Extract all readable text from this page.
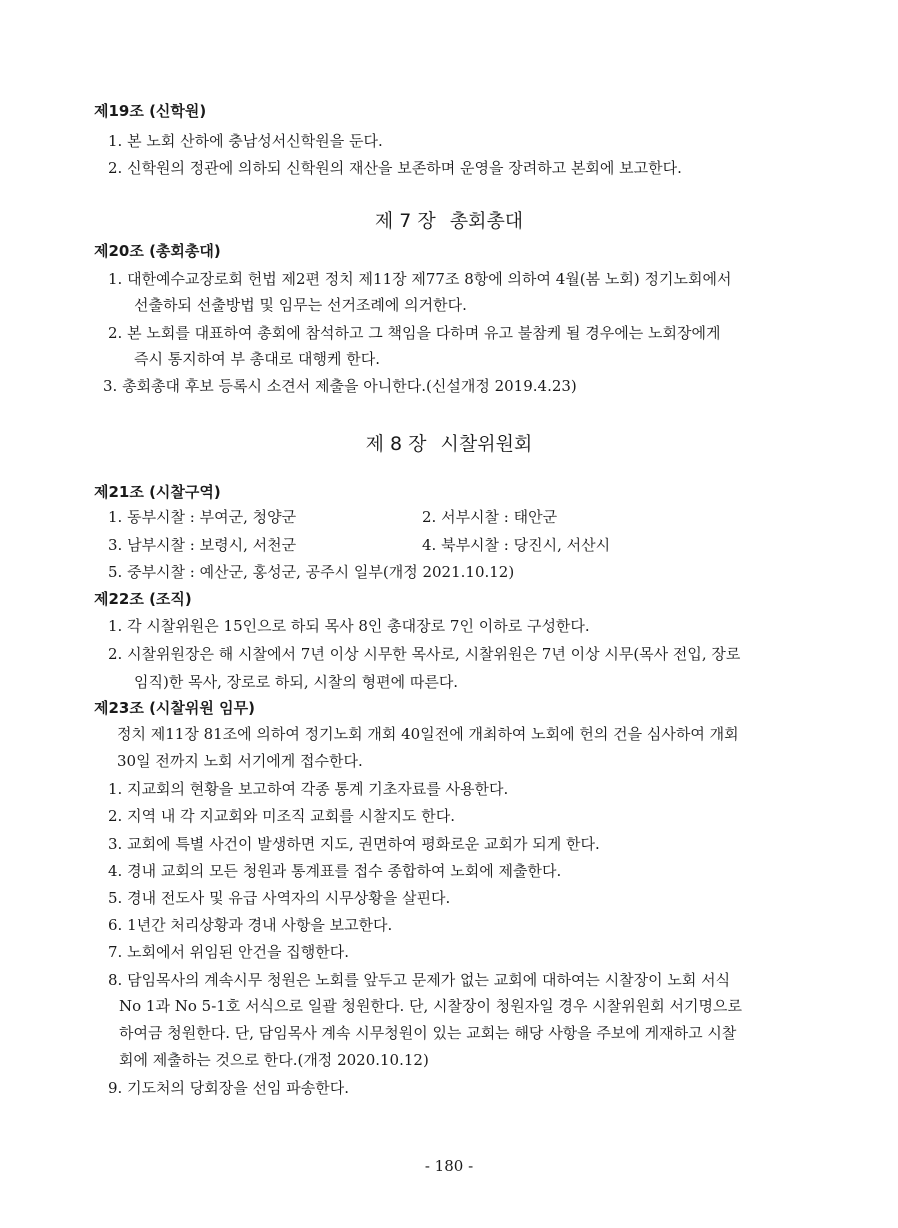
제19조 (신학원)
1. 본 노회 산하에 충남성서신학원을 둔다.
2. 신학원의 정관에 의하되 신학원의 재산을 보존하며 운영을 장려하고 본회에 보고한다.
제 7 장 총회총대
제20조 (총회총대)
1. 대한예수교장로회 헌법 제2편 정치 제11장 제77조 8항에 의하여 4월(봄 노회) 정기노회에서
선출하되 선출방법 및 임무는 선거조례에 의거한다.
2. 본 노회를 대표하여 총회에 참석하고 그 책임을 다하며 유고 불참케 될 경우에는 노회장에게
즉시 통지하여 부 총대로 대행케 한다.
3. 총회총대 후보 등록시 소견서 제출을 아니한다.(신설개정 2019.4.23)
제 8 장 시찰위원회
제21조 (시찰구역)
1. 동부시찰 : 부여군, 청양군	2. 서부시찰 : 태안군
3. 남부시찰 : 보령시, 서천군	4. 북부시찰 : 당진시, 서산시
5. 중부시찰 : 예산군, 홍성군, 공주시 일부(개정 2021.10.12)
제22조 (조직)
1. 각 시찰위원은 15인으로 하되 목사 8인 총대장로 7인 이하로 구성한다.
2. 시찰위원장은 해 시찰에서 7년 이상 시무한 목사로, 시찰위원은 7년 이상 시무(목사 전입, 장로
임직)한 목사, 장로로 하되, 시찰의 형편에 따른다.
제23조 (시찰위원 임무)
정치 제11장 81조에 의하여 정기노회 개회 40일전에 개최하여 노회에 헌의 건을 심사하여 개회
30일 전까지 노회 서기에게 접수한다.
1. 지교회의 현황을 보고하여 각종 통계 기초자료를 사용한다.
2. 지역 내 각 지교회와 미조직 교회를 시찰지도 한다.
3. 교회에 특별 사건이 발생하면 지도, 권면하여 평화로운 교회가 되게 한다.
4. 경내 교회의 모든 청원과 통계표를 접수 종합하여 노회에 제출한다.
5. 경내 전도사 및 유급 사역자의 시무상황을 살핀다.
6. 1년간 처리상황과 경내 사항을 보고한다.
7. 노회에서 위임된 안건을 집행한다.
8. 담임목사의 계속시무 청원은 노회를 앞두고 문제가 없는 교회에 대하여는 시찰장이 노회 서식
No 1과 No 5-1호 서식으로 일괄 청원한다. 단, 시찰장이 청원자일 경우 시찰위원회 서기명으로
하여금 청원한다. 단, 담임목사 계속 시무청원이 있는 교회는 해당 사항을 주보에 게재하고 시찰
회에 제출하는 것으로 한다.(개정 2020.10.12)
9. 기도처의 당회장을 선임 파송한다.
- 180 -
